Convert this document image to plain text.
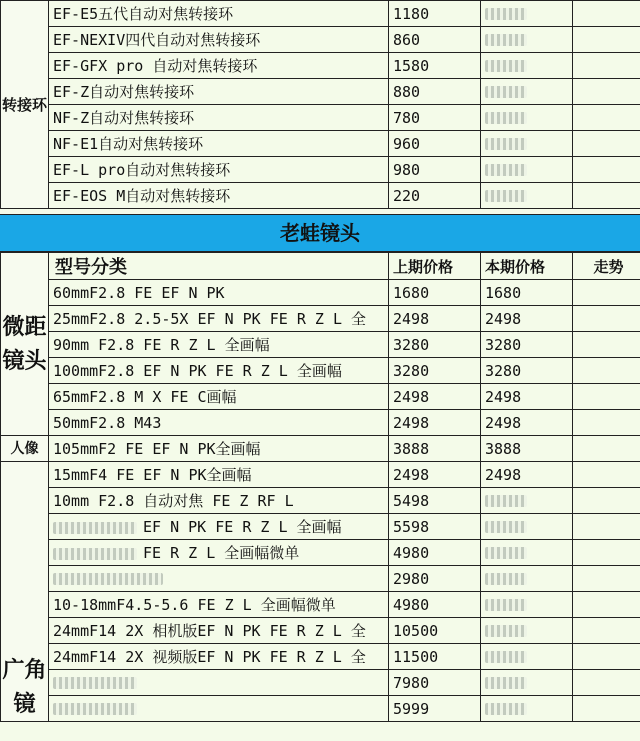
转接环	EF-E5五代自动对焦转接环	1180		
	EF-NEXIV四代自动对焦转接环	860		
	EF-GFX pro 自动对焦转接环	1580		
	EF-Z自动对焦转接环	880		
	NF-Z自动对焦转接环	780		
	NF-E1自动对焦转接环	960		
	EF-L pro自动对焦转接环	980		
	EF-EOS M自动对焦转接环	220		
老蛙镜头
微距镜头	型号分类	上期价格	本期价格	走势
	60mmF2.8 FE EF N PK	1680	1680	
	25mmF2.8 2.5-5X EF N PK FE R Z L 全	2498	2498	
	90mm F2.8 FE R Z L 全画幅	3280	3280	
	100mmF2.8 EF N PK FE R Z L 全画幅	3280	3280	
	65mmF2.8 M X FE C画幅	2498	2498	
	50mmF2.8 M43	2498	2498	
人像	105mmF2 FE EF N PK全画幅	3888	3888	
广角镜	15mmF4 FE EF N PK全画幅	2498	2498	
	10mm F2.8 自动对焦 FE Z RF L	5498		
	EF N PK FE R Z L 全画幅	5598		
	FE R Z L 全画幅微单	4980		
		2980		
	10-18mmF4.5-5.6 FE Z L 全画幅微单	4980		
	24mmF14 2X 相机版EF N PK FE R Z L 全	10500		
	24mmF14 2X 视频版EF N PK FE R Z L 全	11500		
		7980		
		5999		
